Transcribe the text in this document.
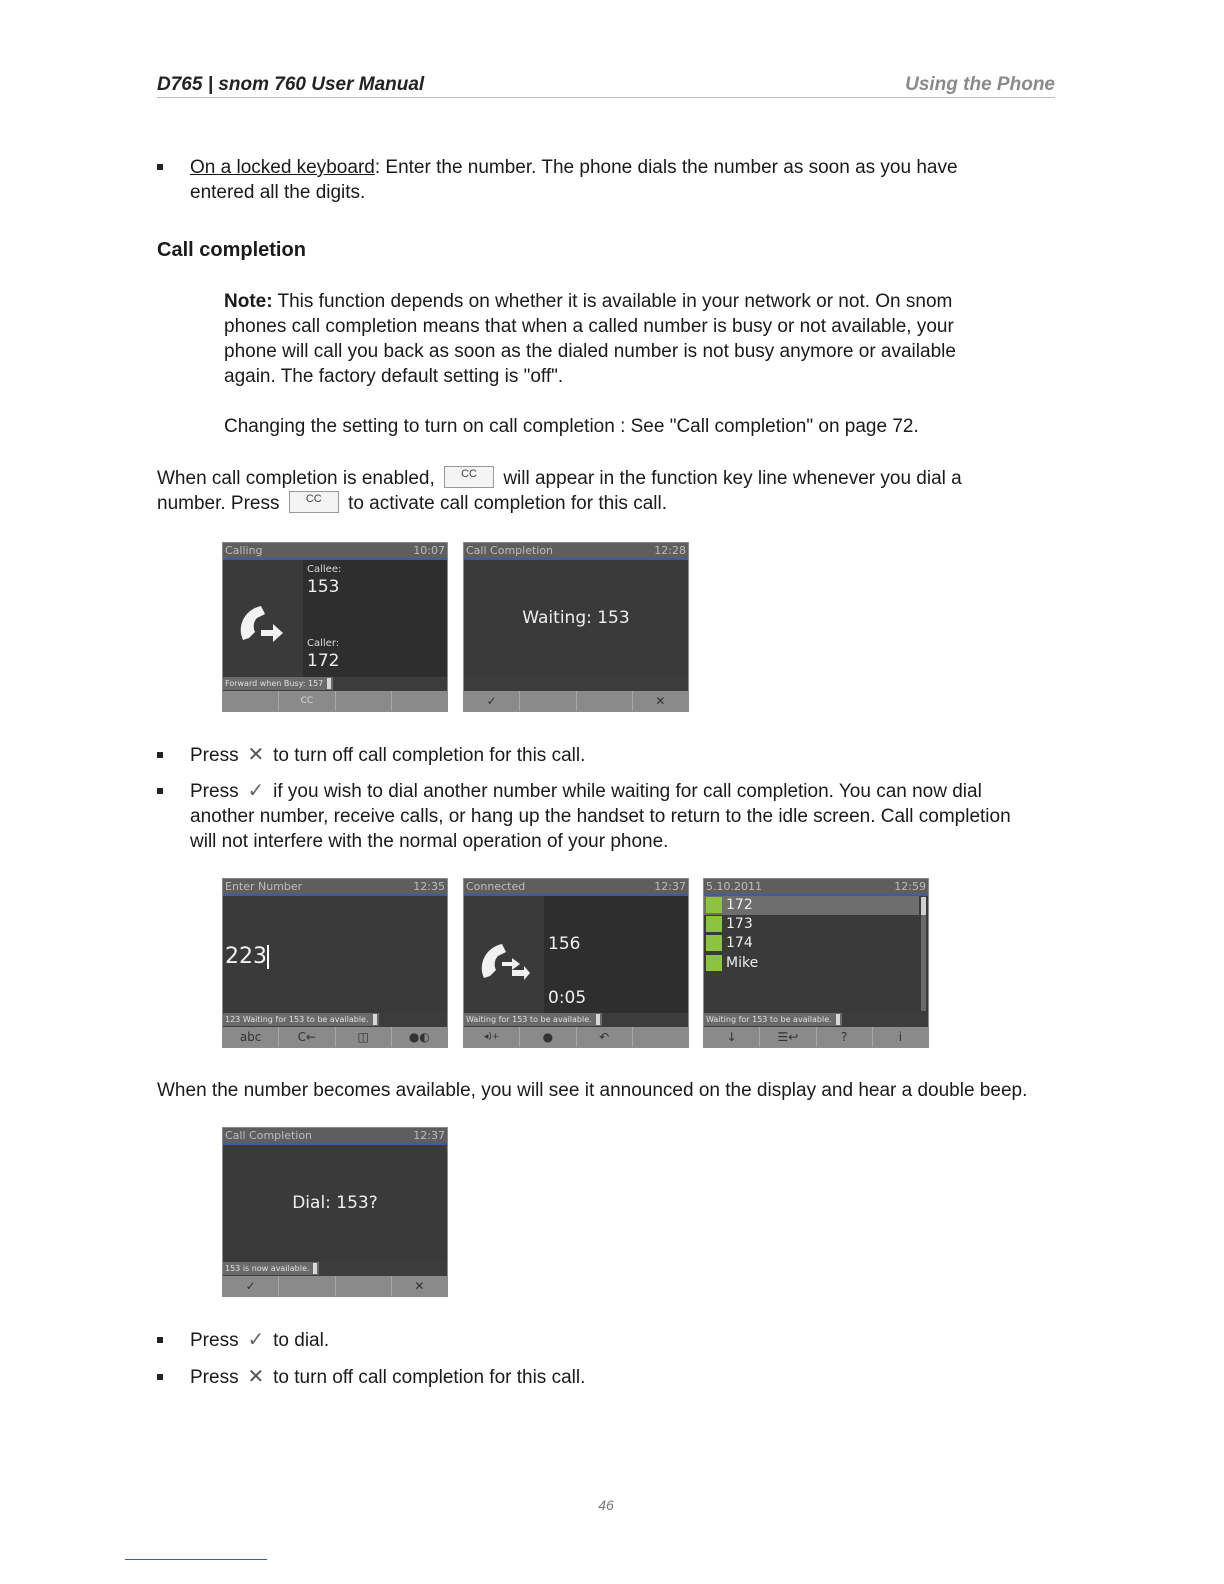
D765 | snom 760 User Manual	Using the Phone
On a locked keyboard: Enter the number. The phone dials the number as soon as you have
entered all the digits.
Call completion
Note: This function depends on whether it is available in your network or not. On snom
phones call completion means that when a called number is busy or not available, your
phone will call you back as soon as the dialed number is not busy anymore or available
again. The factory default setting is "off".
Changing the setting to turn on call completion : See "Call completion" on page 72.
When call completion is enabled, CC will appear in the function key line whenever you dial a
number. Press CC to activate call completion for this call.
Calling	10:07
Callee:
153
Caller:
172
Forward when Busy: 157
CC
Call Completion	12:28
Waiting: 153
✓	✕
Press ✕ to turn off call completion for this call.
Press ✓ if you wish to dial another number while waiting for call completion. You can now dial
another number, receive calls, or hang up the handset to return to the idle screen. Call completion
will not interfere with the normal operation of your phone.
Enter Number	12:35
223
123 Waiting for 153 to be available.
abc	C←	◫	●◐
Connected	12:37
156
0:05
Waiting for 153 to be available.
◂)+	●	↶
5.10.2011	12:59
172
173
174
Mike
Waiting for 153 to be available.
↓	☰↩	?	i
When the number becomes available, you will see it announced on the display and hear a double beep.
Call Completion	12:37
Dial: 153?
153 is now available.
✓	✕
Press ✓ to dial.
Press ✕ to turn off call completion for this call.
46
